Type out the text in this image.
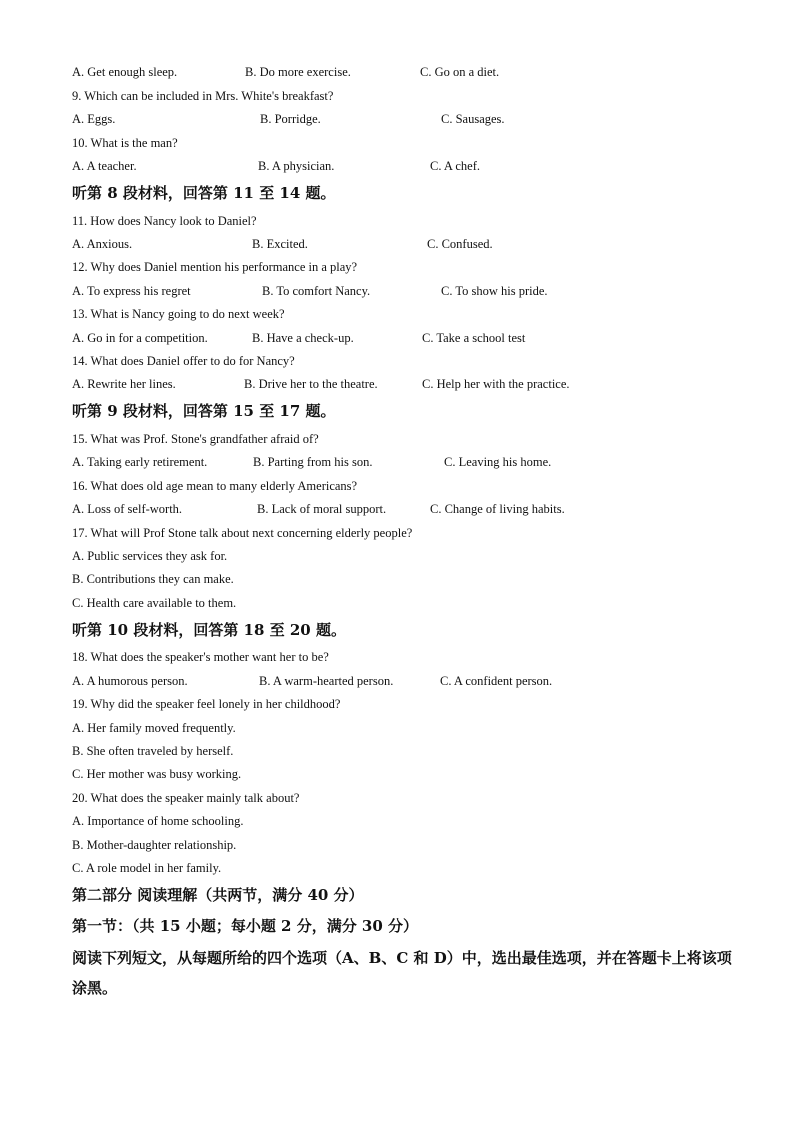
A. Get enough sleep.	B. Do more exercise.	C. Go on a diet.
9. Which can be included in Mrs. White's breakfast?
A. Eggs.	B. Porridge.	C. Sausages.
10. What is the man?
A. A teacher.	B. A physician.	C. A chef.
听第 8 段材料，回答第 11 至 14 题。
11. How does Nancy look to Daniel?
A. Anxious.	B. Excited.	C. Confused.
12. Why does Daniel mention his performance in a play?
A. To express his regret	B. To comfort Nancy.	C. To show his pride.
13. What is Nancy going to do next week?
A. Go in for a competition.	B. Have a check-up.	C. Take a school test
14. What does Daniel offer to do for Nancy?
A. Rewrite her lines.	B. Drive her to the theatre.	C. Help her with the practice.
听第 9 段材料，回答第 15 至 17 题。
15. What was Prof. Stone's grandfather afraid of?
A. Taking early retirement.	B. Parting from his son.	C. Leaving his home.
16. What does old age mean to many elderly Americans?
A. Loss of self-worth.	B. Lack of moral support.	C. Change of living habits.
17. What will Prof Stone talk about next concerning elderly people?
A. Public services they ask for.
B. Contributions they can make.
C. Health care available to them.
听第 10 段材料，回答第 18 至 20 题。
18. What does the speaker's mother want her to be?
A. A humorous person.	B. A warm-hearted person.	C. A confident person.
19. Why did the speaker feel lonely in her childhood?
A. Her family moved frequently.
B. She often traveled by herself.
C. Her mother was busy working.
20. What does the speaker mainly talk about?
A. Importance of home schooling.
B. Mother-daughter relationship.
C. A role model in her family.
第二部分 阅读理解（共两节，满分 40 分）
第一节：（共 15 小题；每小题 2 分，满分 30 分）
阅读下列短文，从每题所给的四个选项（A、B、C 和 D）中，选出最佳选项，并在答题卡上将该项涂黑。
